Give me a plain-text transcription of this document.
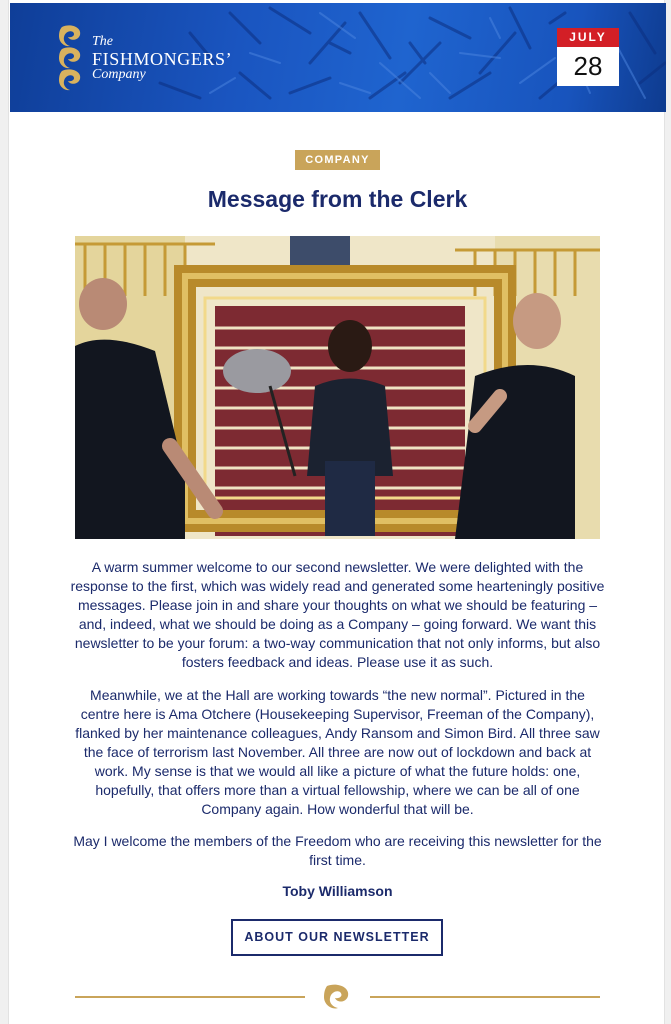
The
FISHMONGERS’
Company
JULY
28
COMPANY
Message from the Clerk

A warm summer welcome to our second newsletter. We were delighted with the response to the first, which was widely read and generated some hearteningly positive messages. Please join in and share your thoughts on what we should be featuring – and, indeed, what we should be doing as a Company – going forward. We want this newsletter to be your forum: a two-way communication that not only informs, but also fosters feedback and ideas. Please use it as such.

Meanwhile, we at the Hall are working towards “the new normal”. Pictured in the centre here is Ama Otchere (Housekeeping Supervisor, Freeman of the Company), flanked by her maintenance colleagues, Andy Ransom and Simon Bird. All three saw the face of terrorism last November. All three are now out of lockdown and back at work. My sense is that we would all like a picture of what the future holds: one, hopefully, that offers more than a virtual fellowship, where we can be all of one Company again. How wonderful that will be.

May I welcome the members of the Freedom who are receiving this newsletter for the first time.

Toby Williamson
ABOUT OUR NEWSLETTER
